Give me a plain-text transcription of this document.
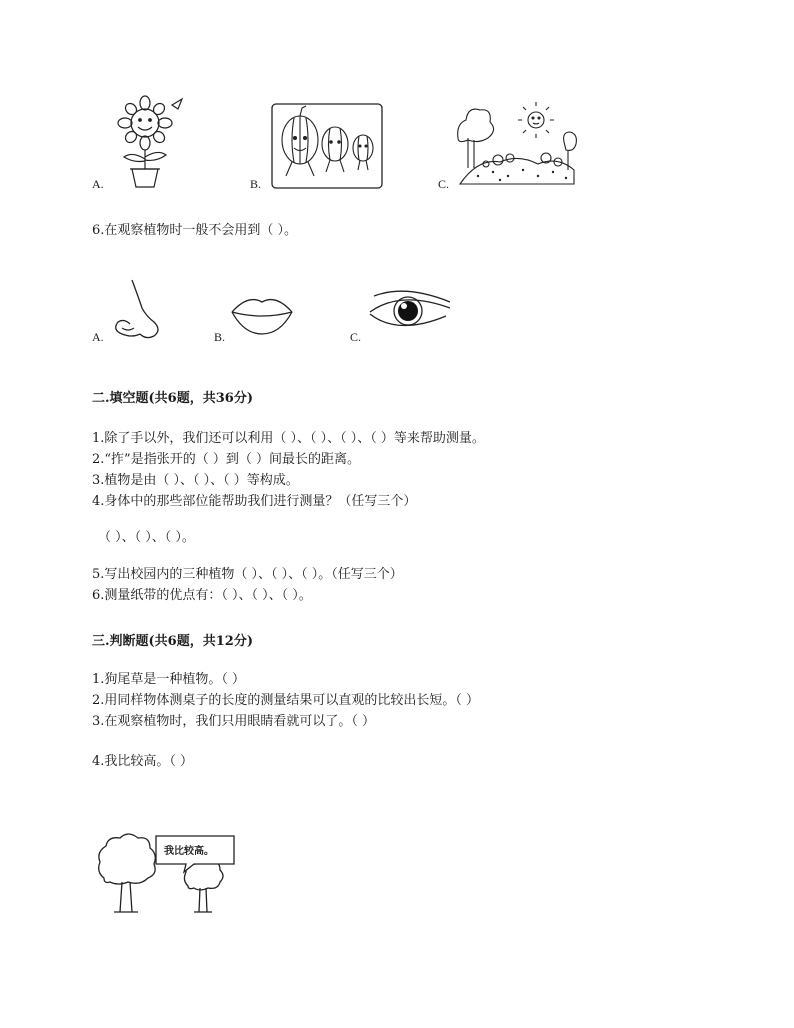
A.	B.	C.
6.在观察植物时一般不会用到（ ）。
A.	B.	C.
二.填空题(共6题，共36分)
1.除了手以外，我们还可以利用（ ）、（ ）、（ ）、（ ）等来帮助测量。
2.“拃”是指张开的（ ）到（ ）间最长的距离。
3.植物是由（ ）、（ ）、（ ）等构成。
4.身体中的那些部位能帮助我们进行测量？（任写三个）
（ ）、（ ）、（ ）。
5.写出校园内的三种植物（ ）、（ ）、（ ）。（任写三个）
6.测量纸带的优点有：（ ）、（ ）、（ ）。
三.判断题(共6题，共12分)
1.狗尾草是一种植物。（ ）
2.用同样物体测桌子的长度的测量结果可以直观的比较出长短。（ ）
3.在观察植物时，我们只用眼睛看就可以了。（ ）
4.我比较高。（ ）
我比较高。
